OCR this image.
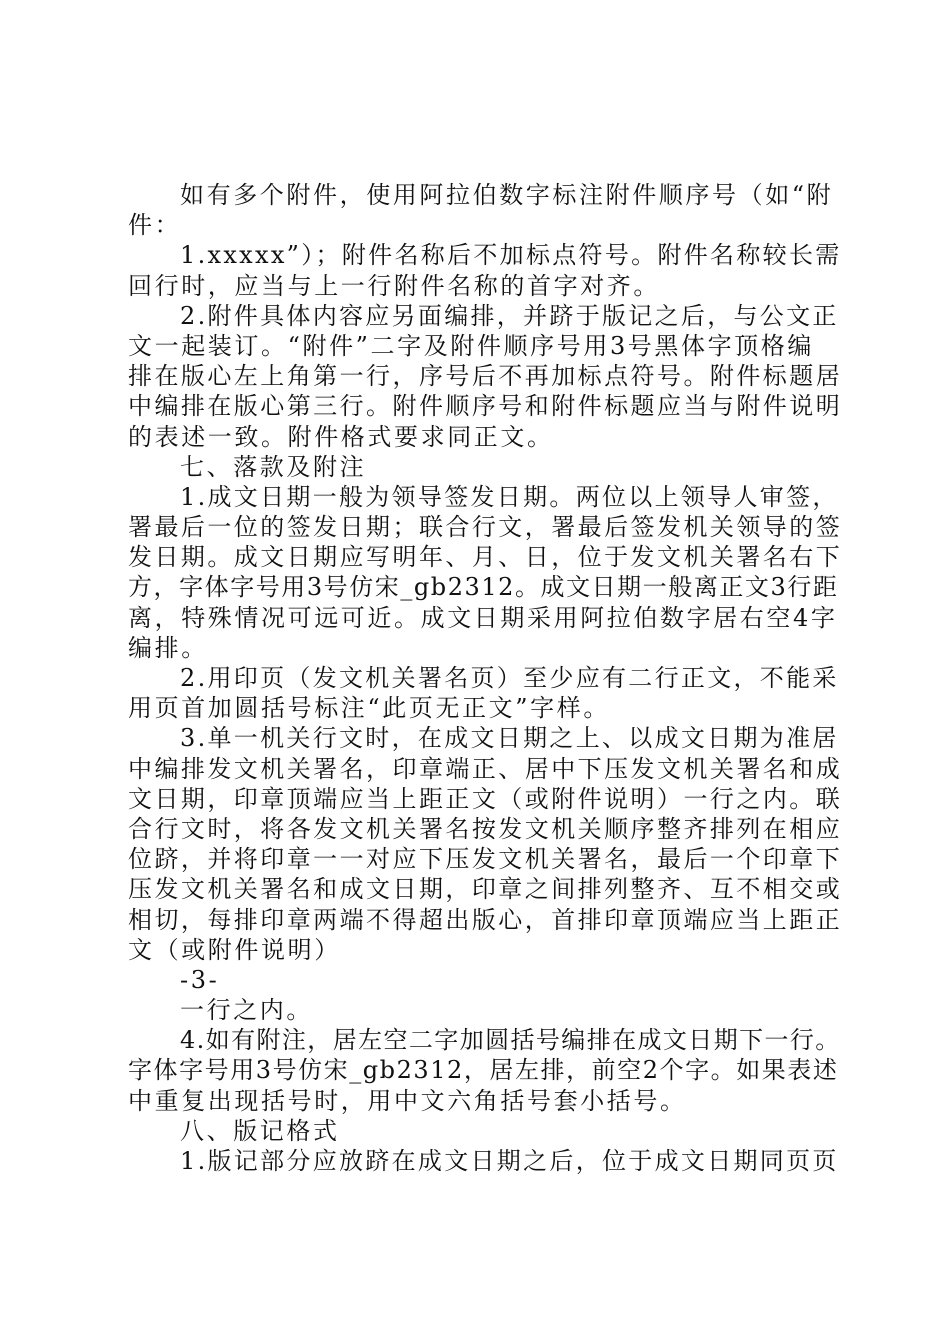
如有多个附件，使用阿拉伯数字标注附件顺序号（如“附
件：
1.xxxxx”）；附件名称后不加标点符号。附件名称较长需
回行时，应当与上一行附件名称的首字对齐。
2.附件具体内容应另面编排，并跻于版记之后，与公文正
文一起装订。“附件”二字及附件顺序号用3号黑体字顶格编
排在版心左上角第一行，序号后不再加标点符号。附件标题居
中编排在版心第三行。附件顺序号和附件标题应当与附件说明
的表述一致。附件格式要求同正文。
七、落款及附注
1.成文日期一般为领导签发日期。两位以上领导人审签，
署最后一位的签发日期；联合行文，署最后签发机关领导的签
发日期。成文日期应写明年、月、日，位于发文机关署名右下
方，字体字号用3号仿宋_gb2312。成文日期一般离正文3行距
离，特殊情况可远可近。成文日期采用阿拉伯数字居右空4字
编排。
2.用印页（发文机关署名页）至少应有二行正文，不能采
用页首加圆括号标注“此页无正文”字样。
3.单一机关行文时，在成文日期之上、以成文日期为准居
中编排发文机关署名，印章端正、居中下压发文机关署名和成
文日期，印章顶端应当上距正文（或附件说明）一行之内。联
合行文时，将各发文机关署名按发文机关顺序整齐排列在相应
位跻，并将印章一一对应下压发文机关署名，最后一个印章下
压发文机关署名和成文日期，印章之间排列整齐、互不相交或
相切，每排印章两端不得超出版心，首排印章顶端应当上距正
文（或附件说明）
-3-
一行之内。
4.如有附注，居左空二字加圆括号编排在成文日期下一行。
字体字号用3号仿宋_gb2312，居左排，前空2个字。如果表述
中重复出现括号时，用中文六角括号套小括号。
八、版记格式
1.版记部分应放跻在成文日期之后，位于成文日期同页页
